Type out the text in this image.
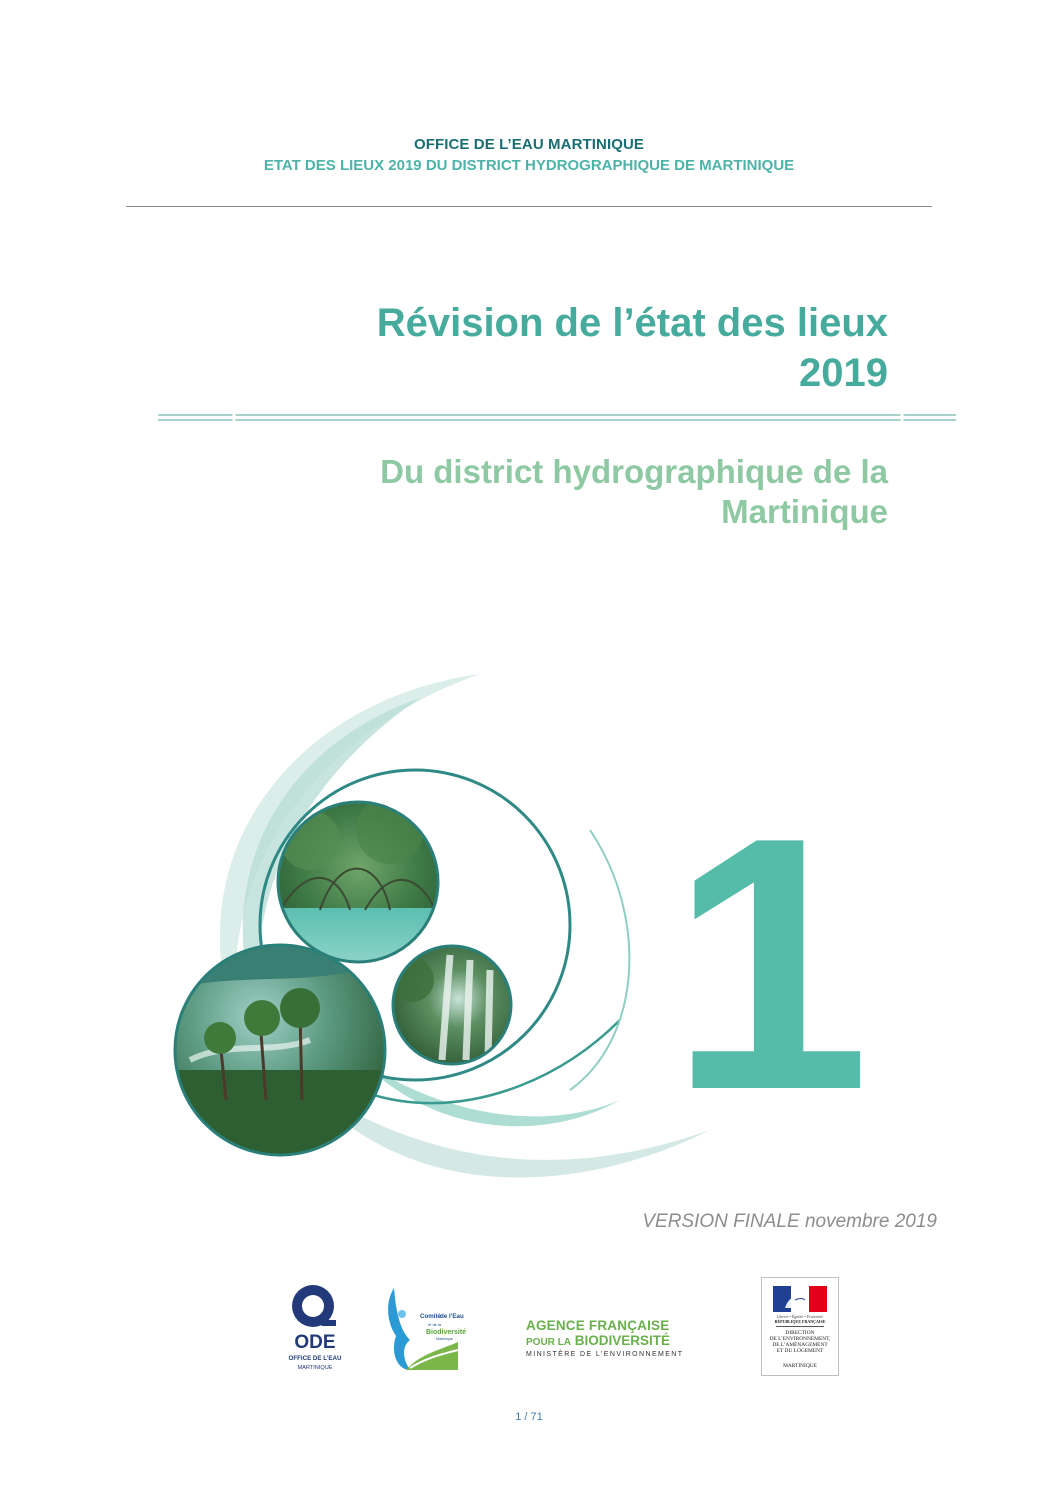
OFFICE DE L’EAU MARTINIQUE
ETAT DES LIEUX 2019 DU DISTRICT HYDROGRAPHIQUE DE MARTINIQUE
Révision de l’état des lieux
2019
Du district hydrographique de la
Martinique
1
VERSION FINALE novembre 2019
ODE
OFFICE DE L’EAU
MARTINIQUE
Comité de l’Eau
et de la
Biodiversité
Martinique
AGENCE FRANÇAISE
POUR LA BIODIVERSITÉ
MINISTÈRE DE L’ENVIRONNEMENT
Liberté • Égalité • Fraternité
RÉPUBLIQUE FRANÇAISE
DIRECTION
DE L’ENVIRONNEMENT,
DE L’AMÉNAGEMENT
ET DU LOGEMENT
MARTINIQUE
1 / 71
